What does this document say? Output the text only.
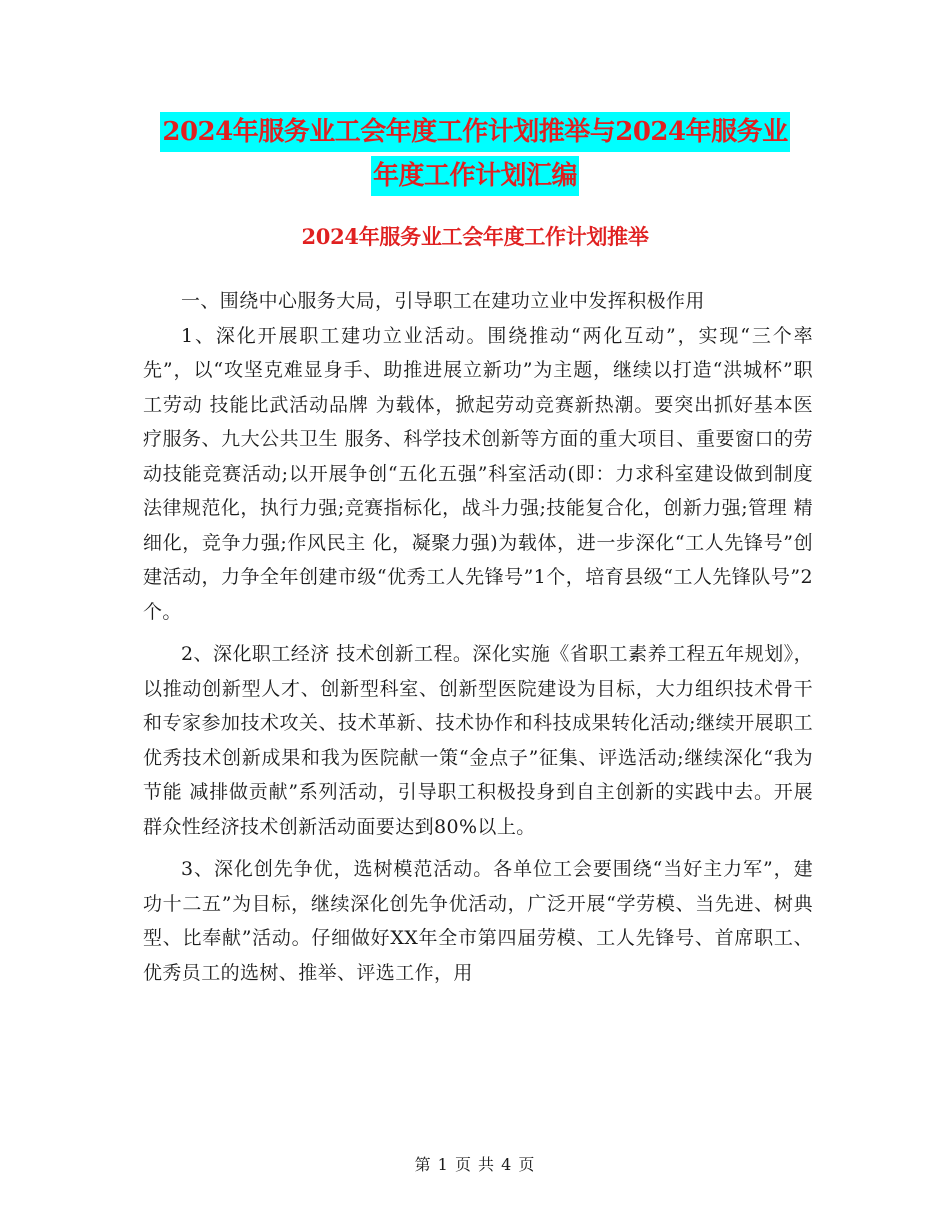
2024年服务业工会年度工作计划推举与2024年服务业
年度工作计划汇编
2024年服务业工会年度工作计划推举

一、围绕中心服务大局，引导职工在建功立业中发挥积极作用

1、深化开展职工建功立业活动。围绕推动“两化互动”，实现“三个率先”，以“攻坚克难显身手、助推进展立新功”为主题，继续以打造“洪城杯”职工劳动 技能比武活动品牌 为载体，掀起劳动竞赛新热潮。要突出抓好基本医疗服务、九大公共卫生 服务、科学技术创新等方面的重大项目、重要窗口的劳动技能竞赛活动;以开展争创“五化五强”科室活动(即：力求科室建设做到制度法律规范化，执行力强;竞赛指标化，战斗力强;技能复合化，创新力强;管理 精细化，竞争力强;作风民主 化，凝聚力强)为载体，进一步深化“工人先锋号”创建活动，力争全年创建市级“优秀工人先锋号”1个，培育县级“工人先锋队号”2个。

2、深化职工经济 技术创新工程。深化实施《省职工素养工程五年规划》，以推动创新型人才、创新型科室、创新型医院建设为目标，大力组织技术骨干和专家参加技术攻关、技术革新、技术协作和科技成果转化活动;继续开展职工优秀技术创新成果和我为医院献一策“金点子”征集、评选活动;继续深化“我为节能 减排做贡献”系列活动，引导职工积极投身到自主创新的实践中去。开展群众性经济技术创新活动面要达到80%以上。

3、深化创先争优，选树模范活动。各单位工会要围绕“当好主力军”，建功十二五”为目标，继续深化创先争优活动，广泛开展“学劳模、当先进、树典型、比奉献”活动。仔细做好XX年全市第四届劳模、工人先锋号、首席职工、优秀员工的选树、推举、评选工作，用

第 1 页 共 4 页
